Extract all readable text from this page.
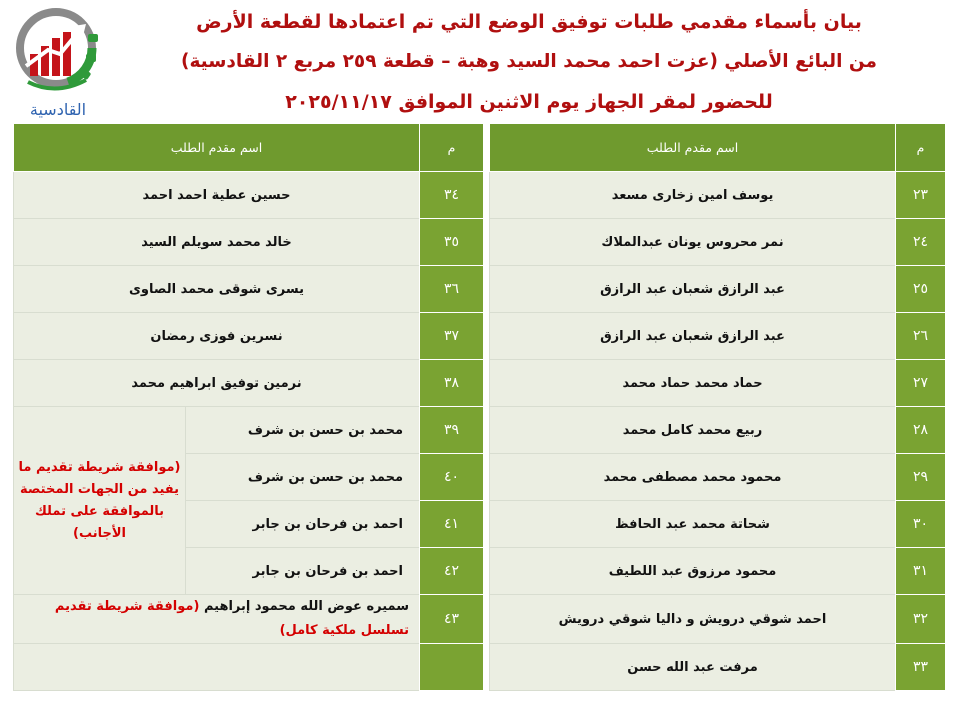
القادسية
بيان بأسماء مقدمي طلبات توفيق الوضع التي تم اعتمادها لقطعة الأرض
من البائع الأصلي (عزت احمد محمد السيد وهبة – قطعة ٢٥٩ مربع ٢ القادسية)
للحضور لمقر الجهاز يوم الاثنين الموافق ٢٠٢٥/١١/١٧
م	اسم مقدم الطلب		م	اسم مقدم الطلب	
٢٣	يوسف امين زخارى مسعد		٣٤	حسين عطية احمد احمد	
٢٤	نمر محروس يونان عبدالملاك		٣٥	خالد محمد سويلم السيد	
٢٥	عبد الرازق شعبان عبد الرازق		٣٦	يسرى شوقى محمد الصاوى	
٢٦	عبد الرازق شعبان عبد الرازق		٣٧	نسرين فوزى رمضان	
٢٧	حماد محمد حماد محمد		٣٨	نرمين توفيق ابراهيم محمد	
٢٨	ربيع محمد كامل محمد		٣٩	محمد بن حسن بن شرف	(موافقة شريطة تقديم ما يفيد من الجهات المختصة بالموافقة على تملك الأجانب)
٢٩	محمود محمد مصطفى محمد		٤٠	محمد بن حسن بن شرف	
٣٠	شحاتة محمد عبد الحافظ		٤١	احمد بن فرحان بن جابر	
٣١	محمود مرزوق عبد اللطيف		٤٢	احمد بن فرحان بن جابر	
٣٢	احمد شوقي درويش و داليا شوقي درويش		٤٣	سميره عوض الله محمود إبراهيم (موافقة شريطة تقديم تسلسل ملكية كامل)	
٣٣	مرفت عبد الله حسن				
